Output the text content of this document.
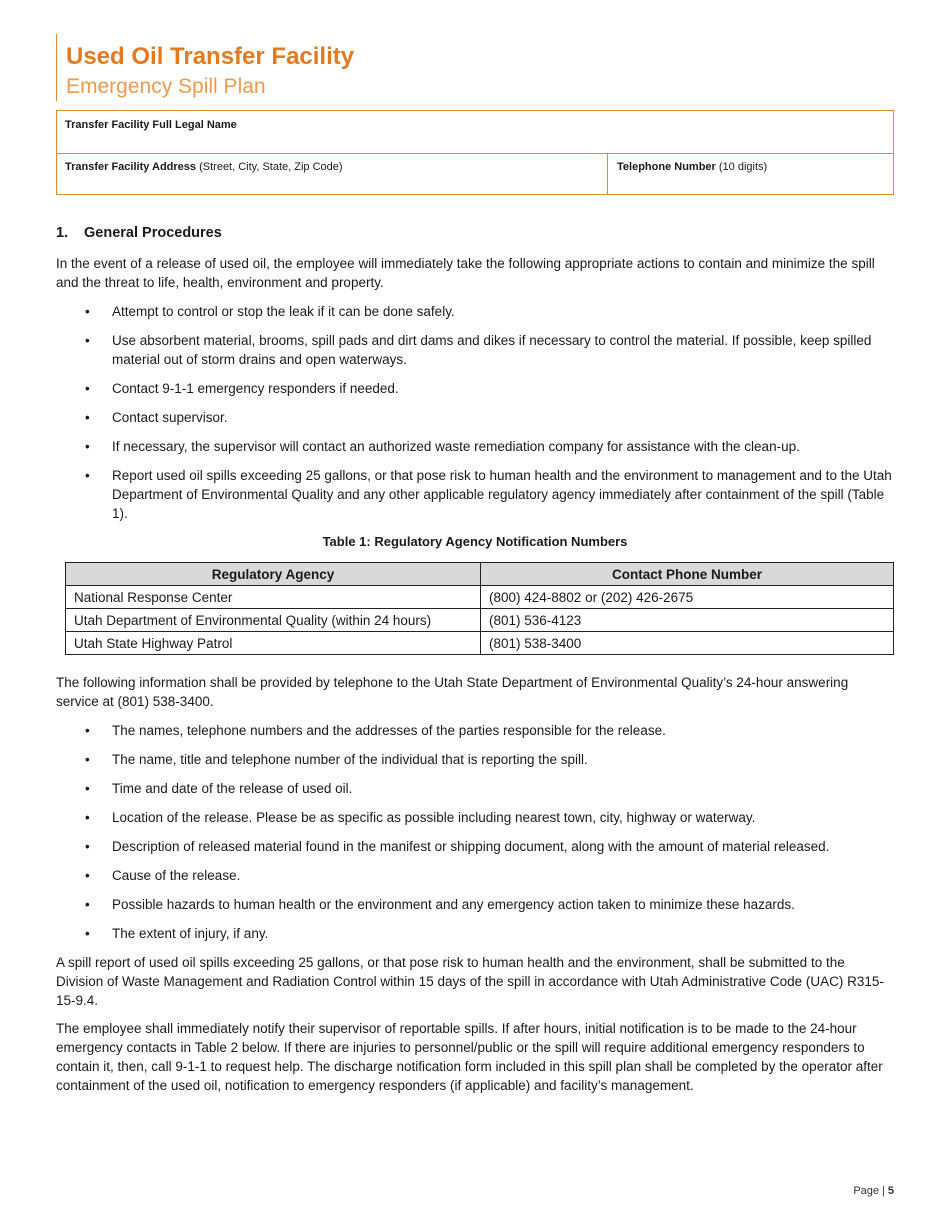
Used Oil Transfer Facility
Emergency Spill Plan
Transfer Facility Full Legal Name
Transfer Facility Address (Street, City, State, Zip Code)	Telephone Number (10 digits)
1. General Procedures

In the event of a release of used oil, the employee will immediately take the following appropriate actions to contain and minimize the spill and the threat to life, health, environment and property.

• Attempt to control or stop the leak if it can be done safely.
• Use absorbent material, brooms, spill pads and dirt dams and dikes if necessary to control the material. If possible, keep spilled material out of storm drains and open waterways.
• Contact 9-1-1 emergency responders if needed.
• Contact supervisor.
• If necessary, the supervisor will contact an authorized waste remediation company for assistance with the clean-up.
• Report used oil spills exceeding 25 gallons, or that pose risk to human health and the environment to management and to the Utah Department of Environmental Quality and any other applicable regulatory agency immediately after containment of the spill (Table 1).
Table 1: Regulatory Agency Notification Numbers
Regulatory Agency	Contact Phone Number
National Response Center	(800) 424-8802 or (202) 426-2675
Utah Department of Environmental Quality (within 24 hours)	(801) 536-4123
Utah State Highway Patrol	(801) 538-3400

The following information shall be provided by telephone to the Utah State Department of Environmental Quality’s 24-hour answering service at (801) 538-3400.

• The names, telephone numbers and the addresses of the parties responsible for the release.
• The name, title and telephone number of the individual that is reporting the spill.
• Time and date of the release of used oil.
• Location of the release. Please be as specific as possible including nearest town, city, highway or waterway.
• Description of released material found in the manifest or shipping document, along with the amount of material released.
• Cause of the release.
• Possible hazards to human health or the environment and any emergency action taken to minimize these hazards.
• The extent of injury, if any.

A spill report of used oil spills exceeding 25 gallons, or that pose risk to human health and the environment, shall be submitted to the Division of Waste Management and Radiation Control within 15 days of the spill in accordance with Utah Administrative Code (UAC) R315-15-9.4.

The employee shall immediately notify their supervisor of reportable spills. If after hours, initial notification is to be made to the 24-hour emergency contacts in Table 2 below. If there are injuries to personnel/public or the spill will require additional emergency responders to contain it, then, call 9-1-1 to request help. The discharge notification form included in this spill plan shall be completed by the operator after containment of the used oil, notification to emergency responders (if applicable) and facility’s management.

Page | 5
